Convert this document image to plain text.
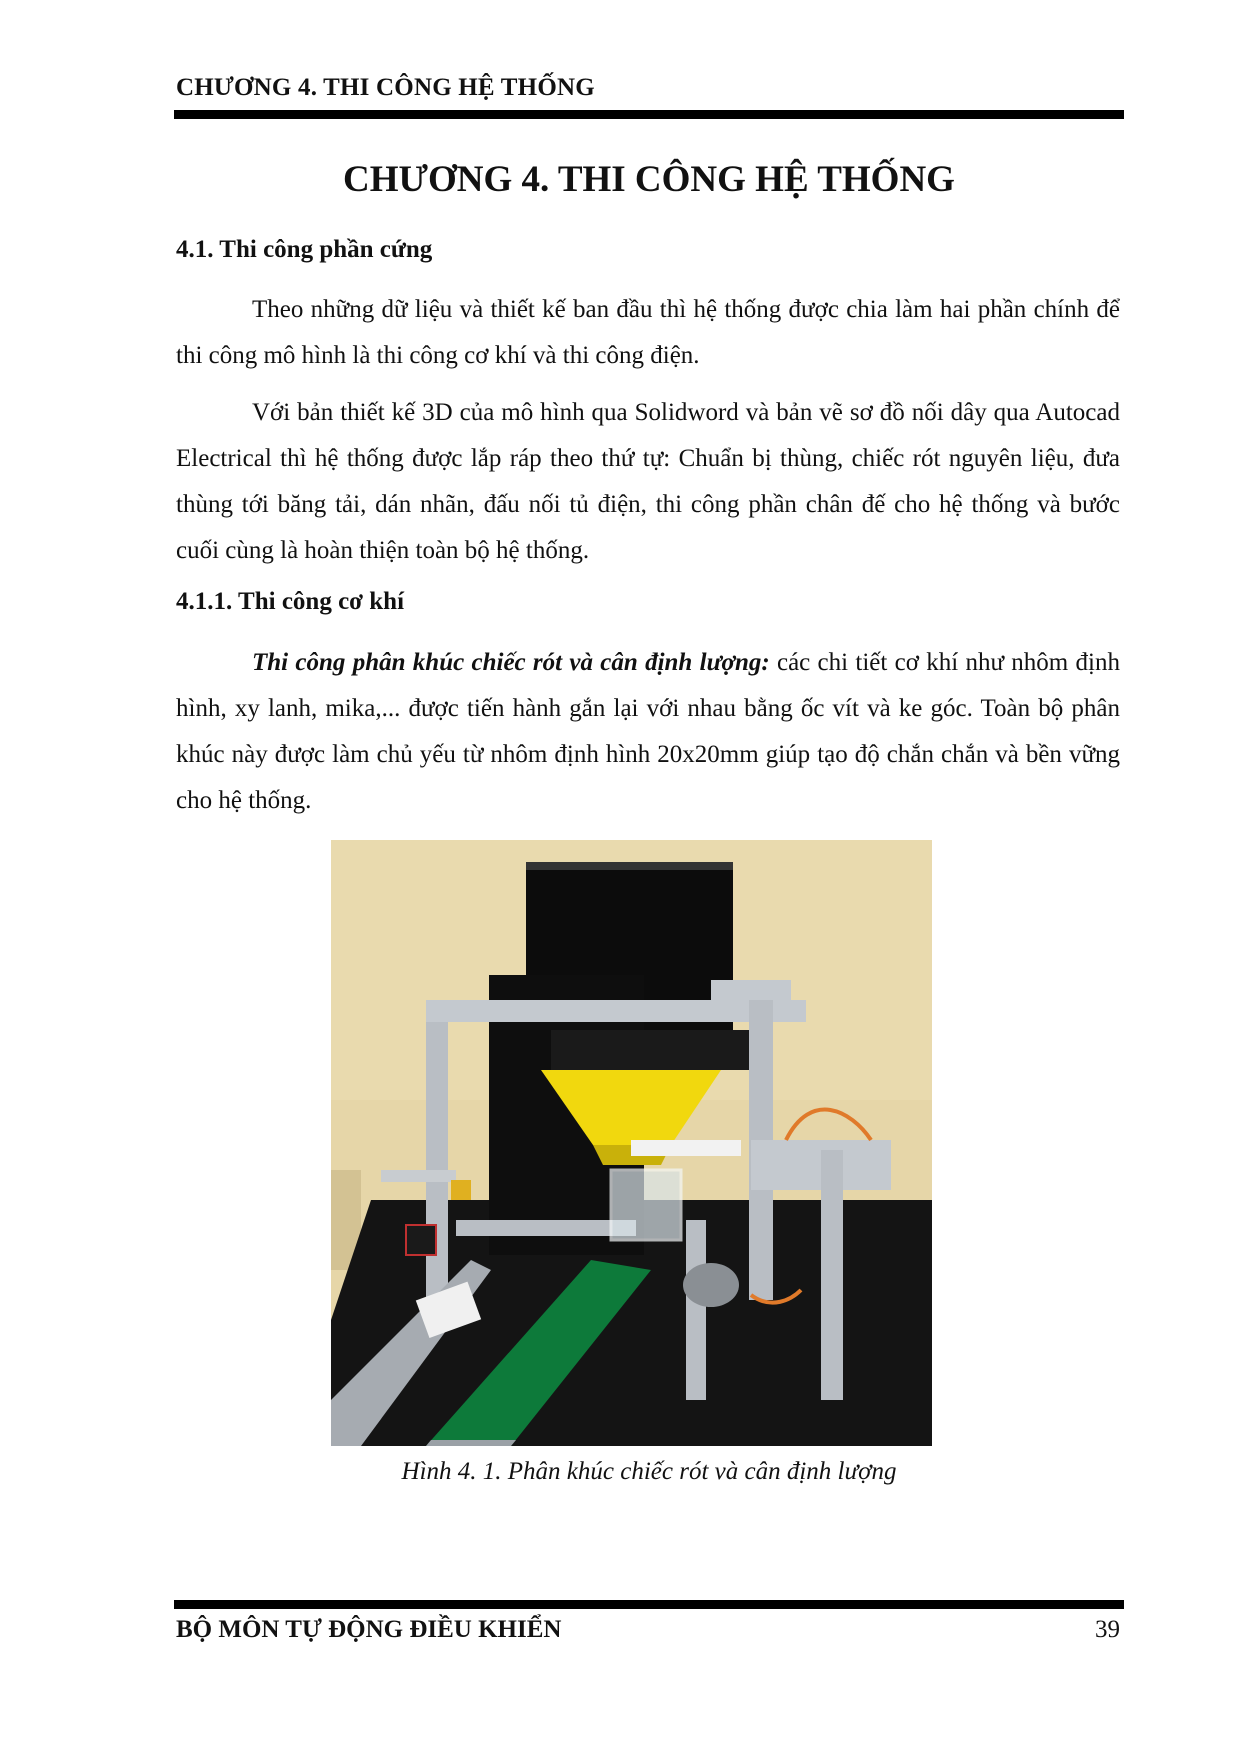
CHƯƠNG 4. THI CÔNG HỆ THỐNG
CHƯƠNG 4. THI CÔNG HỆ THỐNG
4.1. Thi công phần cứng

Theo những dữ liệu và thiết kế ban đầu thì hệ thống được chia làm hai phần chính để thi công mô hình là thi công cơ khí và thi công điện.

Với bản thiết kế 3D của mô hình qua Solidword và bản vẽ sơ đồ nối dây qua Autocad Electrical thì hệ thống được lắp ráp theo thứ tự: Chuẩn bị thùng, chiếc rót nguyên liệu, đưa thùng tới băng tải, dán nhãn, đấu nối tủ điện, thi công phần chân đế cho hệ thống và bước cuối cùng là hoàn thiện toàn bộ hệ thống.

4.1.1. Thi công cơ khí

Thi công phân khúc chiếc rót và cân định lượng: các chi tiết cơ khí như nhôm định hình, xy lanh, mika,... được tiến hành gắn lại với nhau bằng ốc vít và ke góc. Toàn bộ phân khúc này được làm chủ yếu từ nhôm định hình 20x20mm giúp tạo độ chắn chắn và bền vững cho hệ thống.

Hình 4. 1. Phân khúc chiếc rót và cân định lượng
BỘ MÔN TỰ ĐỘNG ĐIỀU KHIỂN	39
